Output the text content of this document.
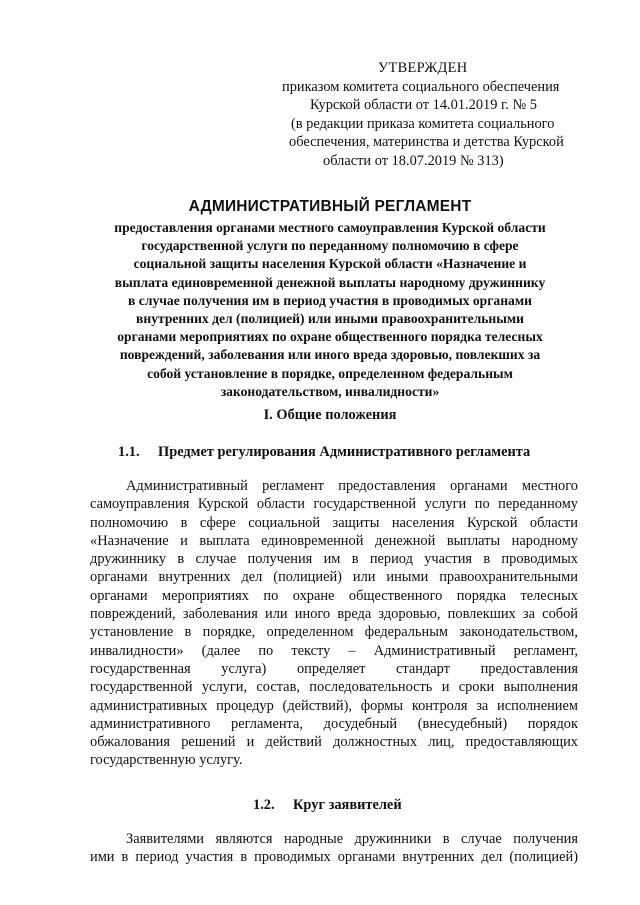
УТВЕРЖДЕН
приказом комитета социального обеспечения
Курской области от 14.01.2019 г. № 5
(в редакции приказа комитета социального
обеспечения, материнства и детства Курской
области от 18.07.2019 № 313)
АДМИНИСТРАТИВНЫЙ РЕГЛАМЕНТ
предоставления органами местного самоуправления Курской области
государственной услуги по переданному полномочию в сфере
социальной защиты населения Курской области «Назначение и
выплата единовременной денежной выплаты народному дружиннику
в случае получения им в период участия в проводимых органами
внутренних дел (полицией) или иными правоохранительными
органами мероприятиях по охране общественного порядка телесных
повреждений, заболевания или иного вреда здоровью, повлекших за
собой установление в порядке, определенном федеральным
законодательством, инвалидности»
I. Общие положения
1.1. Предмет регулирования Административного регламента
Административный регламент предоставления органами местного
самоуправления Курской области государственной услуги по переданному
полномочию в сфере социальной защиты населения Курской области
«Назначение и выплата единовременной денежной выплаты народному
дружиннику в случае получения им в период участия в проводимых
органами внутренних дел (полицией) или иными правоохранительными
органами мероприятиях по охране общественного порядка телесных
повреждений, заболевания или иного вреда здоровью, повлекших за собой
установление в порядке, определенном федеральным законодательством,
инвалидности» (далее по тексту – Административный регламент,
государственная услуга) определяет стандарт предоставления
государственной услуги, состав, последовательность и сроки выполнения
административных процедур (действий), формы контроля за исполнением
административного регламента, досудебный (внесудебный) порядок
обжалования решений и действий должностных лиц, предоставляющих
государственную услугу.
1.2. Круг заявителей
Заявителями являются народные дружинники в случае получения
ими в период участия в проводимых органами внутренних дел (полицией)
